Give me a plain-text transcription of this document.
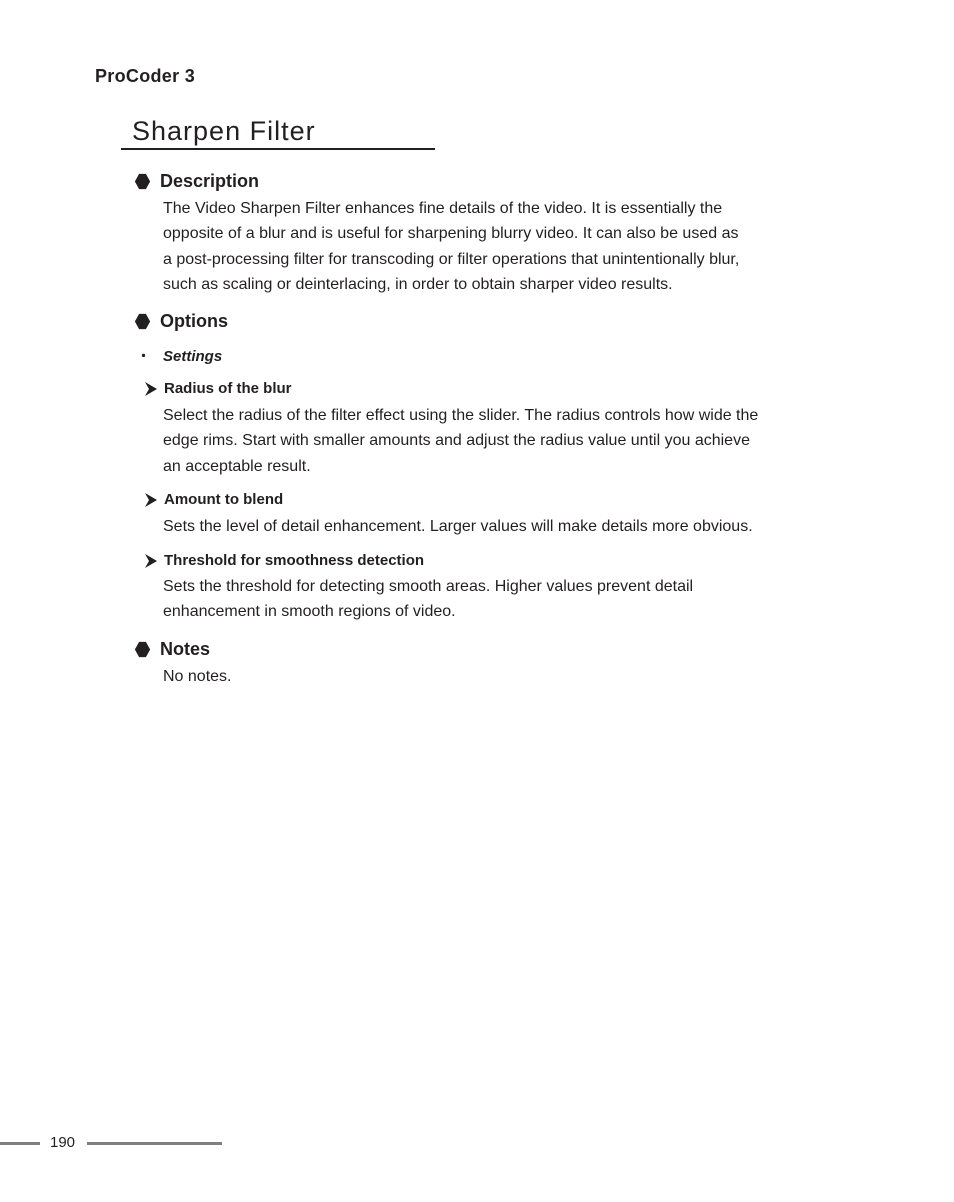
ProCoder 3
Sharpen Filter
Description
The Video Sharpen Filter enhances fine details of the video. It is essentially the
opposite of a blur and is useful for sharpening blurry video. It can also be used as
a post-processing filter for transcoding or filter operations that unintentionally blur,
such as scaling or deinterlacing, in order to obtain sharper video results.
Options
・ Settings
Radius of the blur
Select the radius of the filter effect using the slider. The radius controls how wide the
edge rims. Start with smaller amounts and adjust the radius value until you achieve
an acceptable result.
Amount to blend
Sets the level of detail enhancement. Larger values will make details more obvious.
Threshold for smoothness detection
Sets the threshold for detecting smooth areas. Higher values prevent detail
enhancement in smooth regions of video.
Notes
No notes.
190
